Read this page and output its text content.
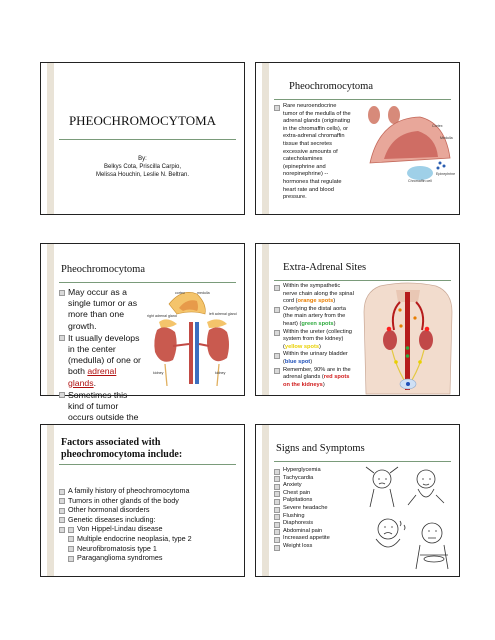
PHEOCHROMOCYTOMA
By:
Belkys Cota, Priscilla Carpio,
Melissa Houchin, Leslie N. Beltran.
Pheochromocytoma
Rare neuroendocrine tumor of the medulla of the adrenal glands (originating in the chromaffin cells), or extra-adrenal chromaffin tissue that secretes excessive amounts of catecholamines (epinephrine and norepinephrine) -- hormones that regulate heart rate and blood pressure.
Cortex
Medulla
Chromaffin cell
Epinephrine
Pheochromocytoma
May occur as a single tumor or as more than one growth.
It usually develops in the center (medulla) of one or both adrenal glands.
Sometimes this kind of tumor occurs outside the
cortex	medulla
right adrenal gland	left adrenal gland
kidney	kidney
Extra-Adrenal Sites
Within the sympathetic nerve chain along the spinal cord (orange spots)
Overlying the distal aorta (the main artery from the heart) (green spots)
Within the ureter (collecting system from the kidney) (yellow spots)
Within the urinary bladder (blue spot)
Remember, 90% are in the adrenal glands (red spots on the kidneys)
Factors associated with
pheochromocytoma include:
A family history of pheochromocytoma
Tumors in other glands of the body
Other hormonal disorders
Genetic diseases including:
Von Hippel-Lindau disease
Multiple endocrine neoplasia, type 2
Neurofibromatosis type 1
Paraganglioma syndromes
Signs and Symptoms
Hyperglycemia
Tachycardia
Anxiety
Chest pain
Palpitations
Severe headache
Flushing
Diaphoresis
Abdominal pain
Increased appetite
Weight loss
